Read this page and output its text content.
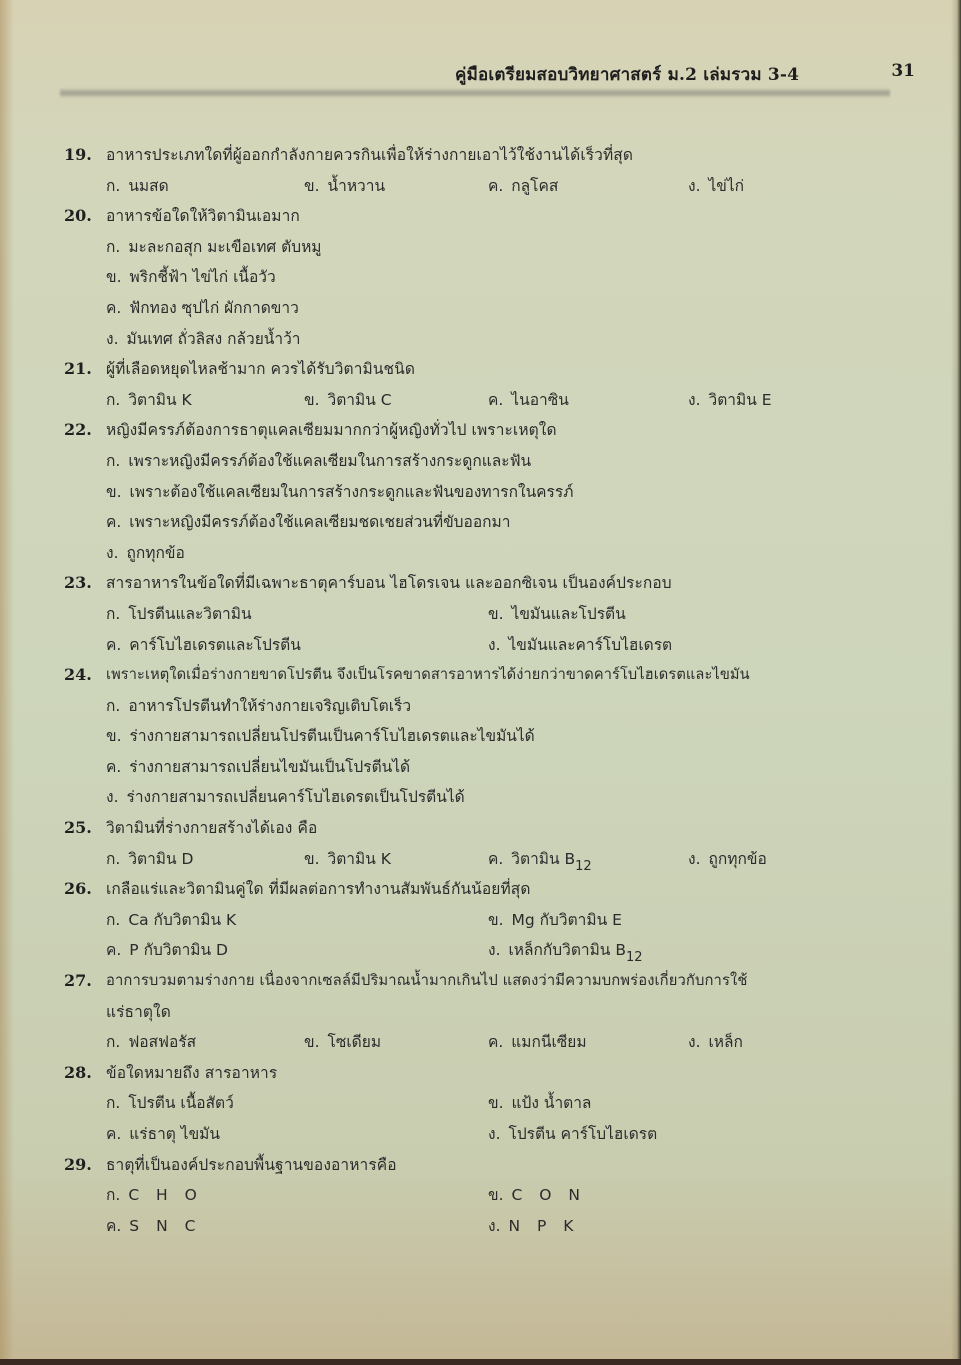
คู่มือเตรียมสอบวิทยาศาสตร์ ม.2 เล่มรวม 3-4	31
19. อาหารประเภทใดที่ผู้ออกกำลังกายควรกินเพื่อให้ร่างกายเอาไว้ใช้งานได้เร็วที่สุด
ก. นมสด	ข. น้ำหวาน	ค. กลูโคส	ง. ไข่ไก่
20. อาหารข้อใดให้วิตามินเอมาก
ก. มะละกอสุก มะเขือเทศ ตับหมู
ข. พริกชี้ฟ้า ไข่ไก่ เนื้อวัว
ค. ฟักทอง ซุปไก่ ผักกาดขาว
ง. มันเทศ ถั่วลิสง กล้วยน้ำว้า
21. ผู้ที่เลือดหยุดไหลช้ามาก ควรได้รับวิตามินชนิด
ก. วิตามิน K	ข. วิตามิน C	ค. ไนอาซิน	ง. วิตามิน E
22. หญิงมีครรภ์ต้องการธาตุแคลเซียมมากกว่าผู้หญิงทั่วไป เพราะเหตุใด
ก. เพราะหญิงมีครรภ์ต้องใช้แคลเซียมในการสร้างกระดูกและฟัน
ข. เพราะต้องใช้แคลเซียมในการสร้างกระดูกและฟันของทารกในครรภ์
ค. เพราะหญิงมีครรภ์ต้องใช้แคลเซียมชดเชยส่วนที่ขับออกมา
ง. ถูกทุกข้อ
23. สารอาหารในข้อใดที่มีเฉพาะธาตุคาร์บอน ไฮโดรเจน และออกซิเจน เป็นองค์ประกอบ
ก. โปรตีนและวิตามิน	ข. ไขมันและโปรตีน
ค. คาร์โบไฮเดรตและโปรตีน	ง. ไขมันและคาร์โบไฮเดรต
24. เพราะเหตุใดเมื่อร่างกายขาดโปรตีน จึงเป็นโรคขาดสารอาหารได้ง่ายกว่าขาดคาร์โบไฮเดรตและไขมัน
ก. อาหารโปรตีนทำให้ร่างกายเจริญเติบโตเร็ว
ข. ร่างกายสามารถเปลี่ยนโปรตีนเป็นคาร์โบไฮเดรตและไขมันได้
ค. ร่างกายสามารถเปลี่ยนไขมันเป็นโปรตีนได้
ง. ร่างกายสามารถเปลี่ยนคาร์โบไฮเดรตเป็นโปรตีนได้
25. วิตามินที่ร่างกายสร้างได้เอง คือ
ก. วิตามิน D	ข. วิตามิน K	ค. วิตามิน $B_{12}$	ง. ถูกทุกข้อ
26. เกลือแร่และวิตามินคู่ใด ที่มีผลต่อการทำงานสัมพันธ์กันน้อยที่สุด
ก. Ca กับวิตามิน K	ข. Mg กับวิตามิน E
ค. P กับวิตามิน D	ง. เหล็กกับวิตามิน $B_{12}$
27. อาการบวมตามร่างกาย เนื่องจากเซลล์มีปริมาณน้ำมากเกินไป แสดงว่ามีความบกพร่องเกี่ยวกับการใช้
แร่ธาตุใด
ก. ฟอสฟอรัส	ข. โซเดียม	ค. แมกนีเซียม	ง. เหล็ก
28. ข้อใดหมายถึง สารอาหาร
ก. โปรตีน เนื้อสัตว์	ข. แป้ง น้ำตาล
ค. แร่ธาตุ ไขมัน	ง. โปรตีน คาร์โบไฮเดรต
29. ธาตุที่เป็นองค์ประกอบพื้นฐานของอาหารคือ
ก. C H O	ข. C O N
ค. S N C	ง. N P K
